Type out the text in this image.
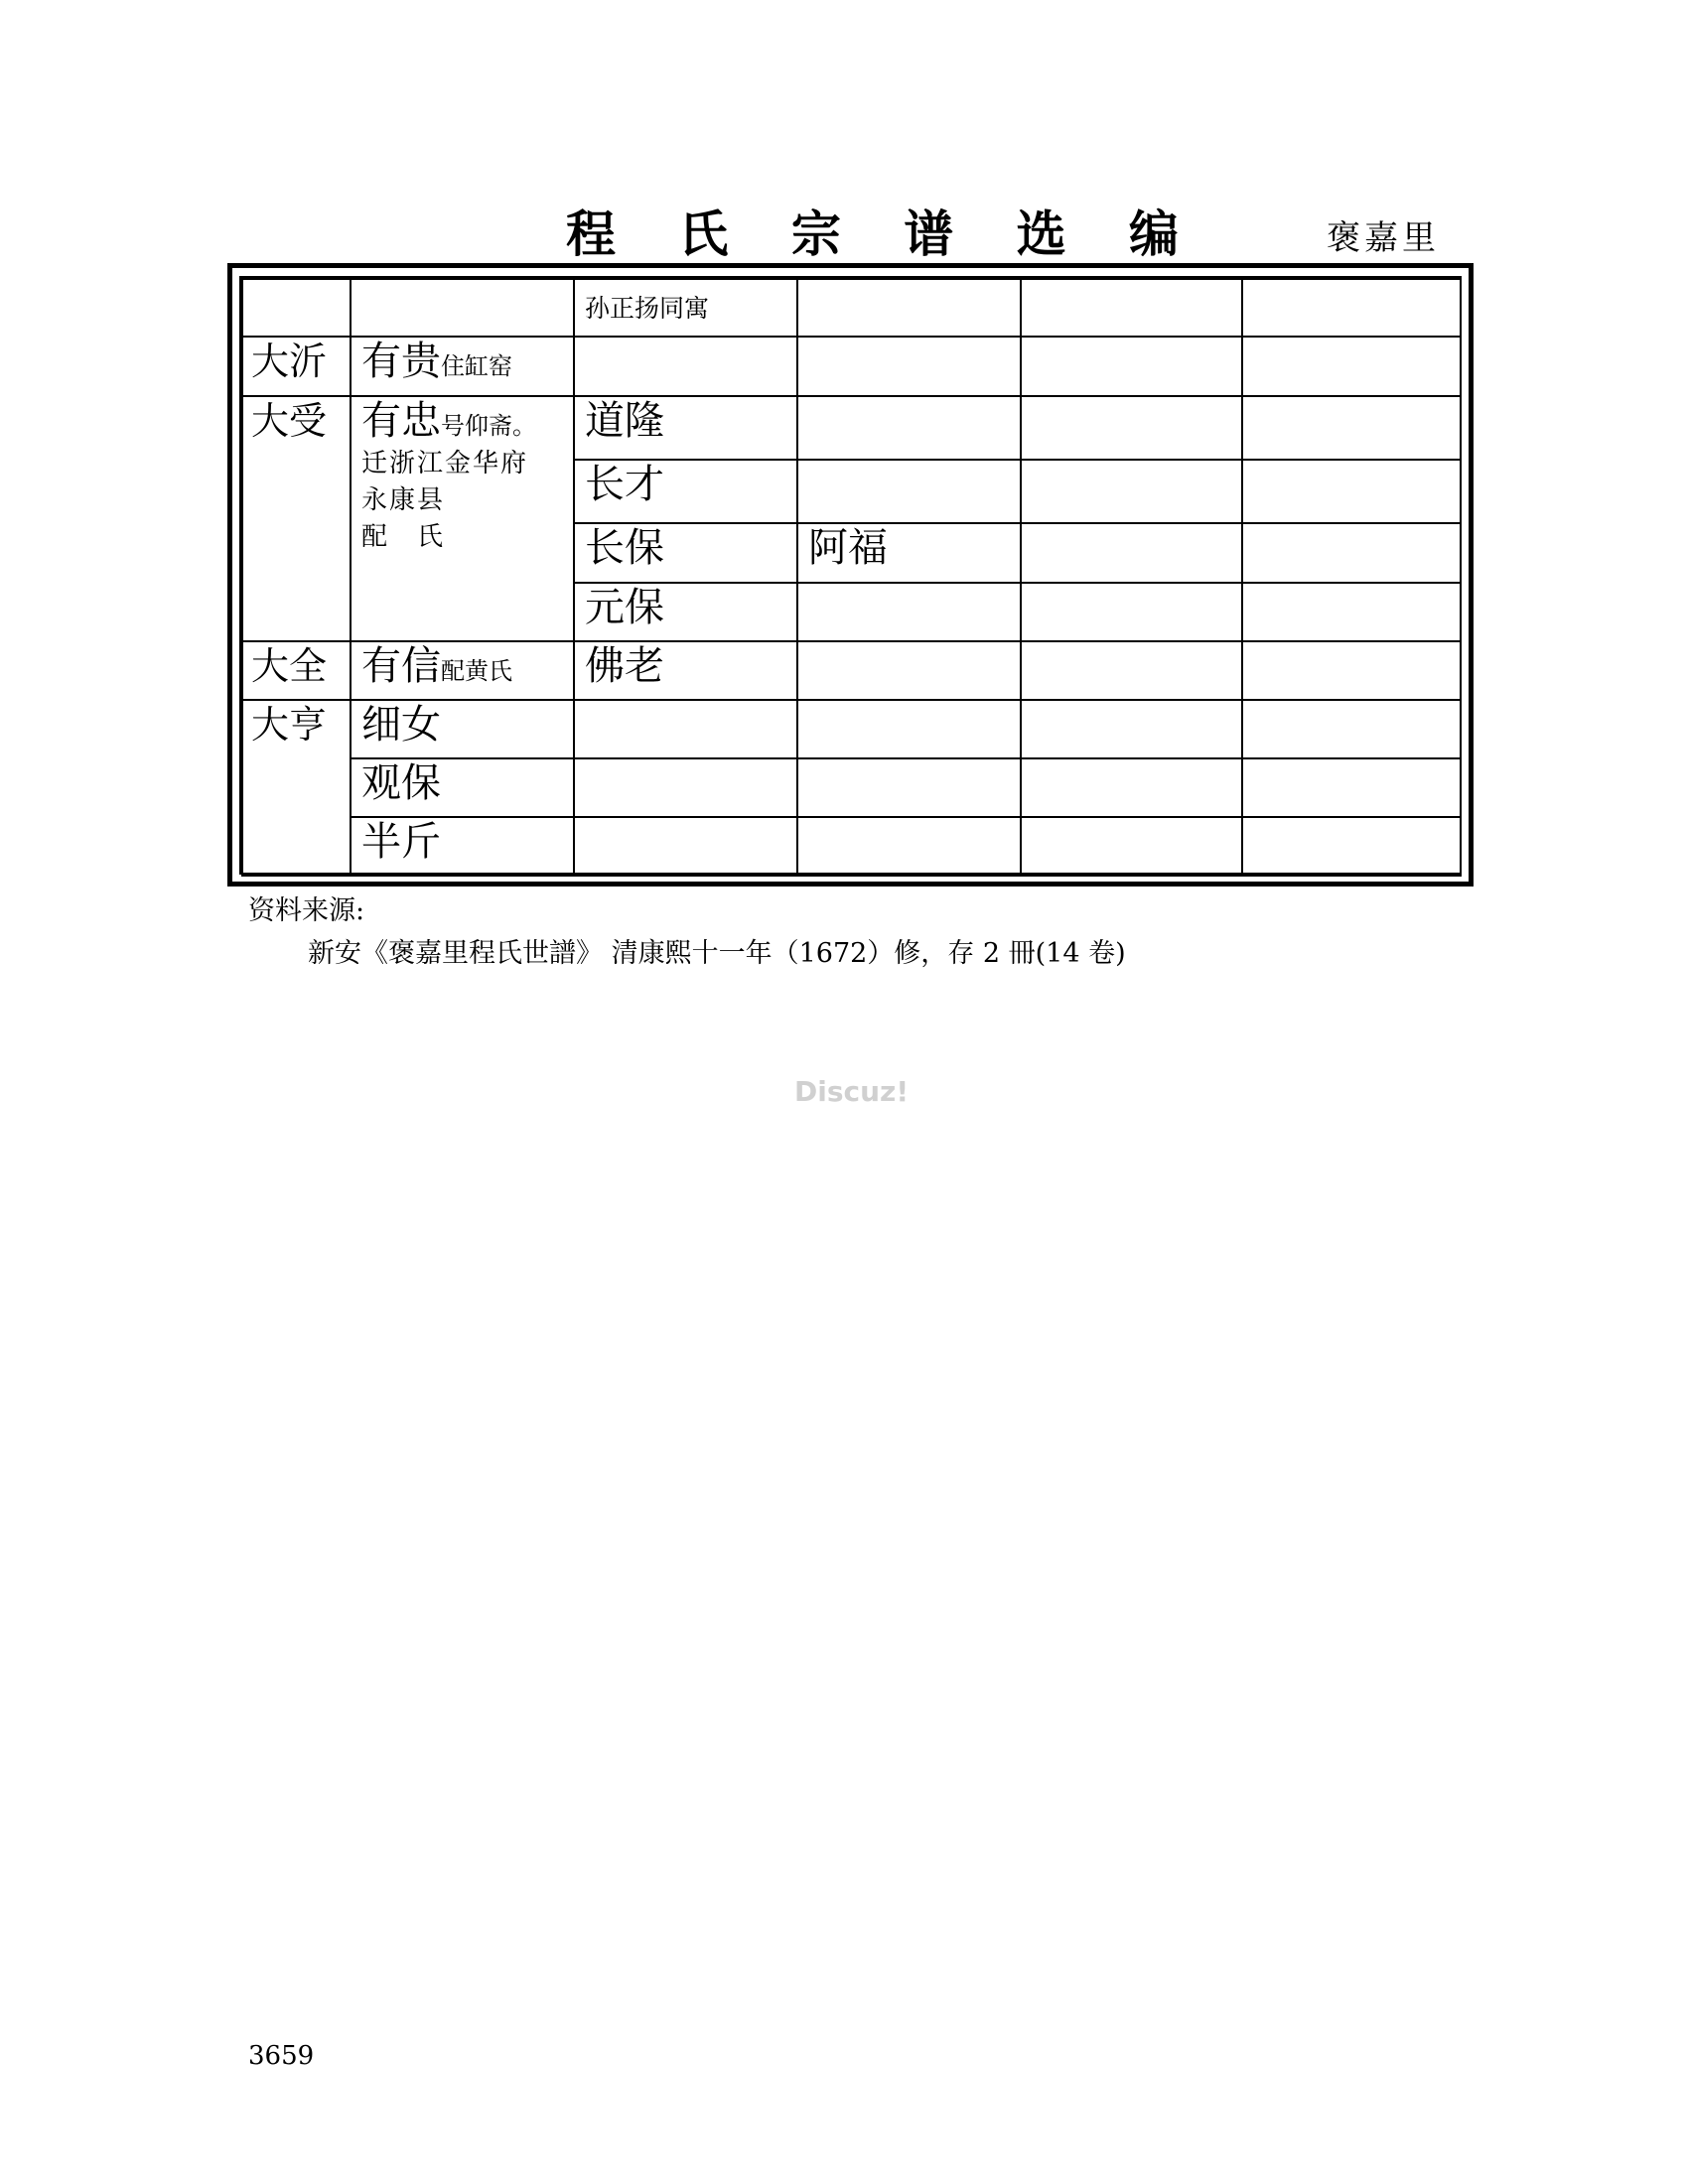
程 氏 宗 谱 选 编	褒嘉里
		孙正扬同寓			
大沂	有贵住缸窑				
大受	有忠号仰斋。
迁浙江金华府
永康县
配　氏	道隆			
		长才			
		长保	阿福		
		元保			
大全	有信配黄氏	佛老			
大亨	细女				
	观保				
	半斤				
资料来源:
新安《褒嘉里程氏世譜》 清康熙十一年（1672）修，存 2 冊(14 卷)
Discuz!
3659
